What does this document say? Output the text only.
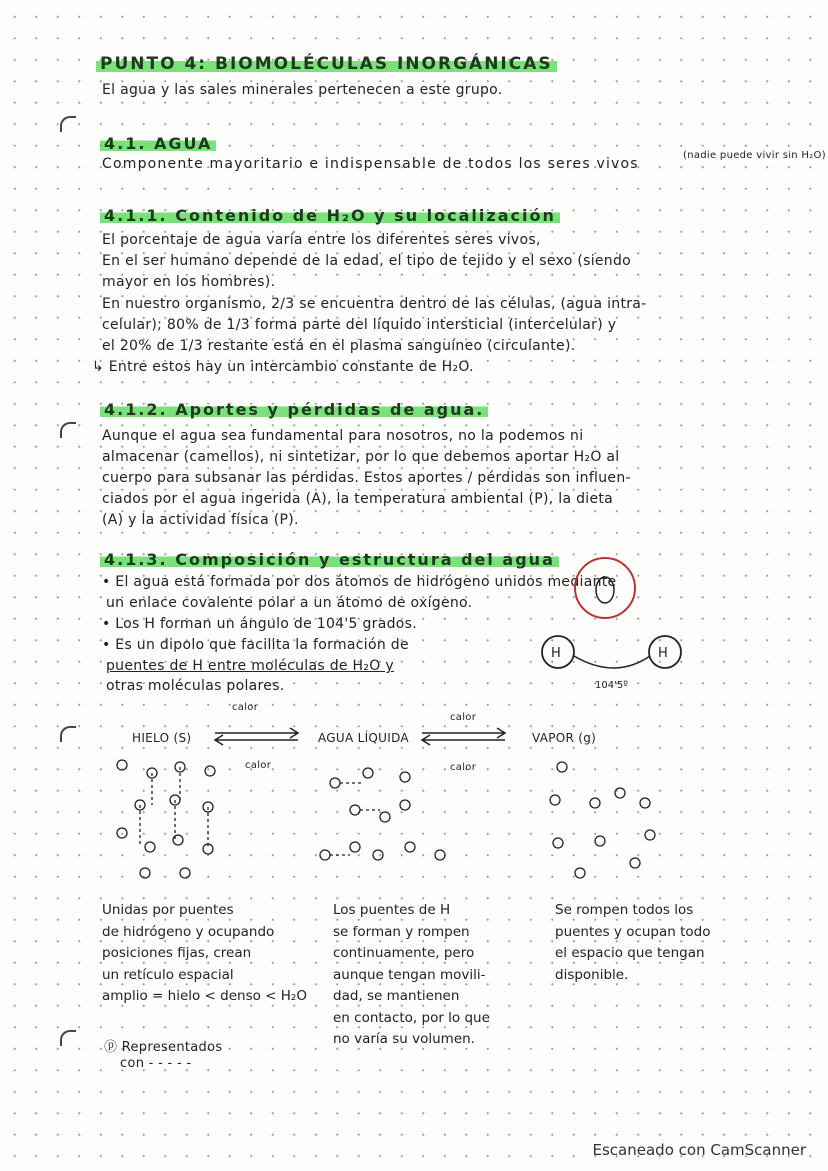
PUNTO 4: BIOMOLÉCULAS INORGÁNICAS
El agua y las sales minerales pertenecen a este grupo.
4.1. AGUA
Componente mayoritario e indispensable de todos los seres vivos
(nadie puede vivir sin H₂O)
4.1.1. Contenido de H₂O y su localización
El porcentaje de agua varía entre los diferentes seres vivos,
En el ser humano depende de la edad, el tipo de tejido y el sexo (siendo
mayor en los hombres).
En nuestro organismo, 2/3 se encuentra dentro de las células, (agua intra-
celular); 80% de 1/3 forma parte del líquido intersticial (intercelular) y
el 20% de 1/3 restante está en el plasma sanguíneo (circulante).
↳ Entre estos hay un intercambio constante de H₂O.
4.1.2. Aportes y pérdidas de agua.
Aunque el agua sea fundamental para nosotros, no la podemos ni
almacenar (camellos), ni sintetizar, por lo que debemos aportar H₂O al
cuerpo para subsanar las pérdidas. Estos aportes / pérdidas son influen-
ciados por el agua ingerida (A), la temperatura ambiental (P), la dieta
(A) y la actividad física (P).
4.1.3. Composición y estructura del agua
• El agua está formada por dos átomos de hidrógeno unidos mediante
un enlace covalente polar a un átomo de oxígeno.
• Los H forman un ángulo de 104'5 grados.
• Es un dipolo que facilita la formación de
puentes de H entre moléculas de H₂O y
otras moléculas polares.	104'5º
H	H
HIELO (S)	AGUA LÍQUIDA	VAPOR (g)
calor
calor
calor
calor
Unidas por puentes
de hidrógeno y ocupando
posiciones fijas, crean
un retículo espacial
amplio = hielo < denso < H₂O
Los puentes de H
se forman y rompen
continuamente, pero
aunque tengan movili-
dad, se mantienen
en contacto, por lo que
no varía su volumen.
Se rompen todos los
puentes y ocupan todo
el espacio que tengan
disponible.
ⓟ Representados
con - - - - -
Escaneado con CamScanner
